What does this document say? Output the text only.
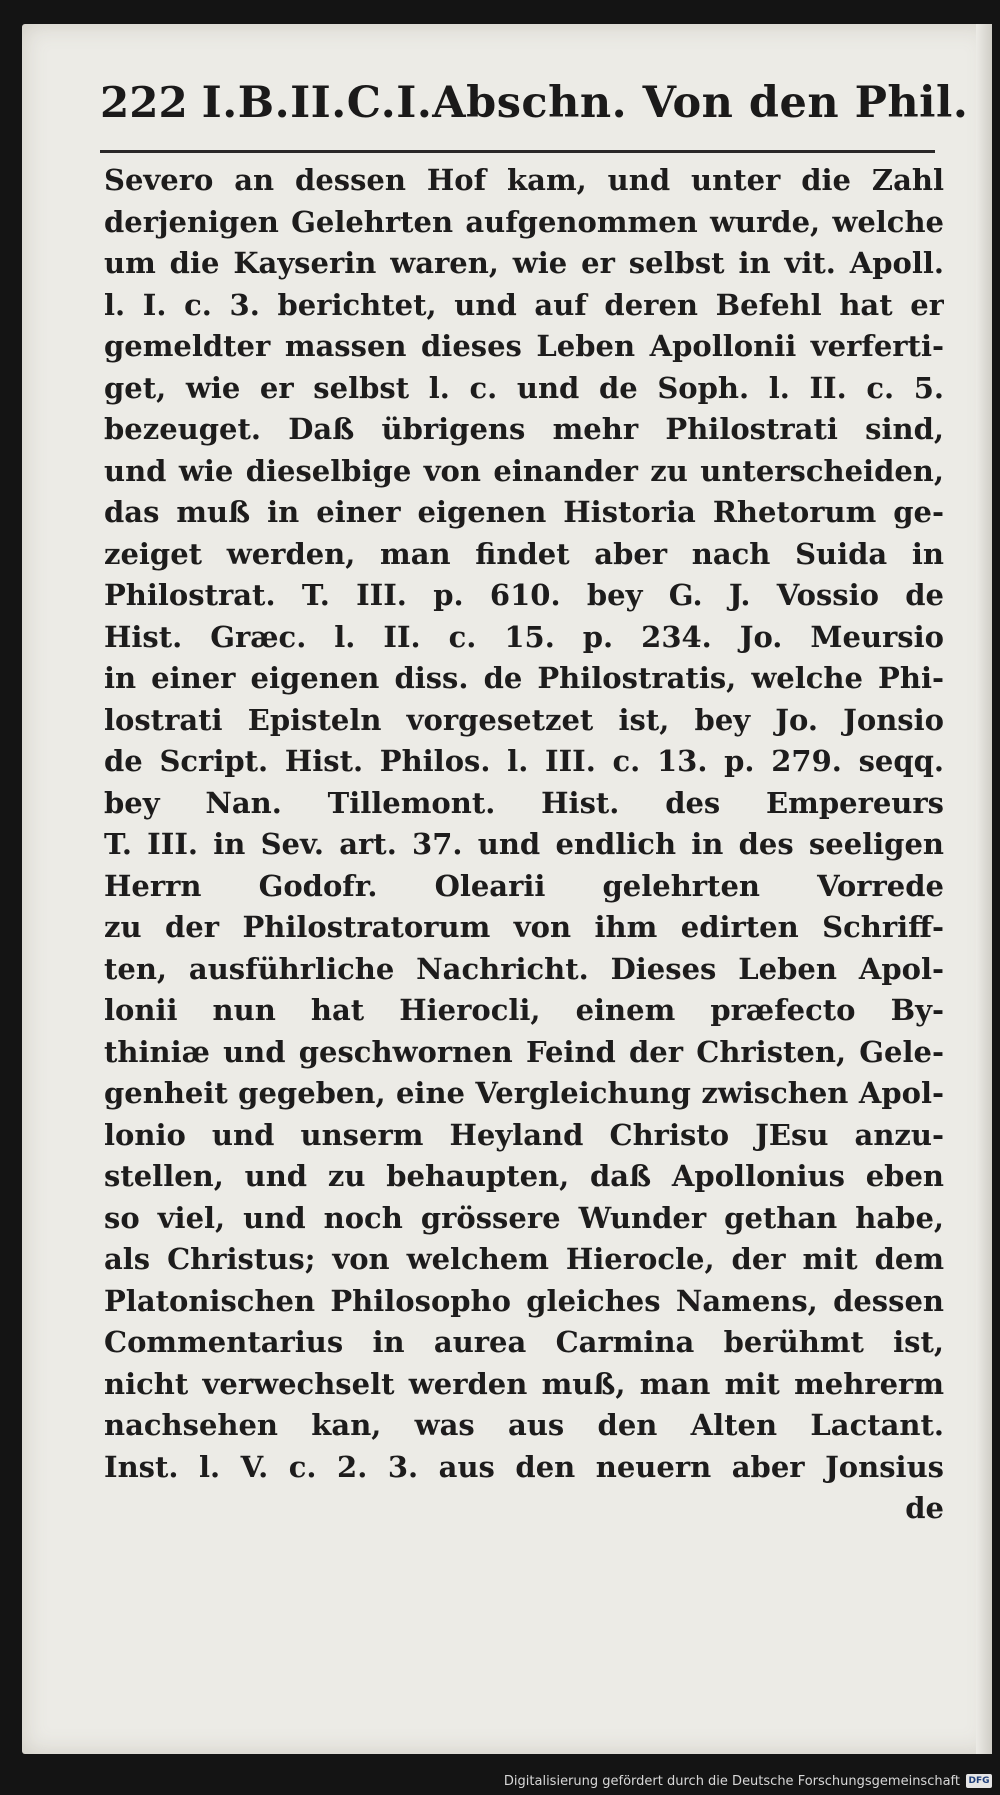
222 I.B.II.C.I.Abschn. Von den Phil.
Severo an dessen Hof kam, und unter die Zahl
derjenigen Gelehrten aufgenommen wurde, welche
um die Kayserin waren, wie er selbst in vit. Apoll.
l. I. c. 3. berichtet, und auf deren Befehl hat er
gemeldter massen dieses Leben Apollonii verferti-
get, wie er selbst l. c. und de Soph. l. II. c. 5.
bezeuget. Daß übrigens mehr Philostrati sind,
und wie dieselbige von einander zu unterscheiden,
das muß in einer eigenen Historia Rhetorum ge-
zeiget werden, man findet aber nach Suida in
Philostrat. T. III. p. 610. bey G. J. Vossio de
Hist. Græc. l. II. c. 15. p. 234. Jo. Meursio
in einer eigenen diss. de Philostratis, welche Phi-
lostrati Episteln vorgesetzet ist, bey Jo. Jonsio
de Script. Hist. Philos. l. III. c. 13. p. 279. seqq.
bey Nan. Tillemont. Hist. des Empereurs
T. III. in Sev. art. 37. und endlich in des seeligen
Herrn Godofr. Olearii gelehrten Vorrede
zu der Philostratorum von ihm edirten Schriff-
ten, ausführliche Nachricht. Dieses Leben Apol-
lonii nun hat Hierocli, einem præfecto By-
thiniæ und geschwornen Feind der Christen, Gele-
genheit gegeben, eine Vergleichung zwischen Apol-
lonio und unserm Heyland Christo JEsu anzu-
stellen, und zu behaupten, daß Apollonius eben
so viel, und noch grössere Wunder gethan habe,
als Christus; von welchem Hierocle, der mit dem
Platonischen Philosopho gleiches Namens, dessen
Commentarius in aurea Carmina berühmt ist,
nicht verwechselt werden muß, man mit mehrerm
nachsehen kan, was aus den Alten Lactant.
Inst. l. V. c. 2. 3. aus den neuern aber Jonsius
de
Digitalisierung gefördert durch die Deutsche Forschungsgemeinschaft DFG
